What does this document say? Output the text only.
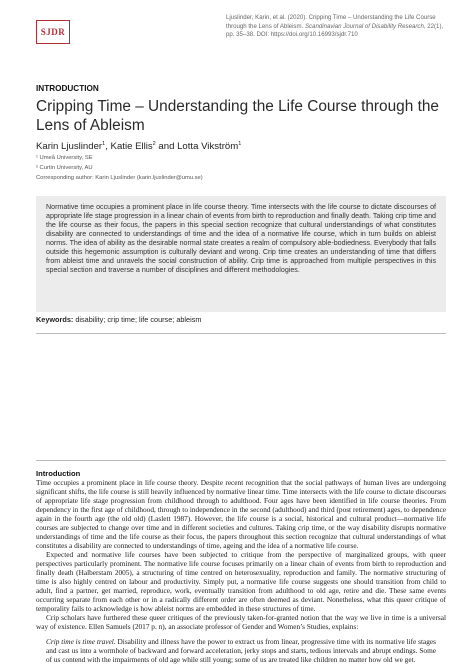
SJDR
Ljuslinder, Karin, et al. (2020). Cripping Time – Understanding the Life Course through the Lens of Ableism. Scandinavian Journal of Disability Research, 22(1), pp. 35–38. DOI: https://doi.org/10.16993/sjdr.710
INTRODUCTION
Cripping Time – Understanding the Life Course through the Lens of Ableism
Karin Ljuslinder$^1$, Katie Ellis$^2$ and Lotta Vikström$^1$
¹ Umeå University, SE
² Curtin University, AU
Corresponding author: Karin Ljuslinder (karin.ljuslinder@umu.se)

Normative time occupies a prominent place in life course theory. Time intersects with the life course to dictate discourses of appropriate life stage progression in a linear chain of events from birth to reproduction and finally death. Taking crip time and the life course as their focus, the papers in this special section recognize that cultural understandings of what constitutes disability are connected to understandings of time and the idea of a normative life course, which in turn builds on ableist norms. The idea of ability as the desirable normal state creates a realm of compulsory able-bodiedness. Everybody that falls outside this hegemonic assumption is culturally deviant and wrong. Crip time creates an understanding of time that differs from ableist time and unravels the social construction of ability. Crip time is approached from multiple perspectives in this special section and traverse a number of disciplines and different methodologies.

Keywords: disability; crip time; life course; ableism
Introduction

Time occupies a prominent place in life course theory. Despite recent recognition that the social pathways of human lives are undergoing significant shifts, the life course is still heavily influenced by normative linear time. Time intersects with the life course to dictate discourses of appropriate life stage progression from childhood through to adulthood. Four ages have been identified in life course theories. From dependency in the first age of childhood, through to independence in the second (adulthood) and third (post retirement) ages, to dependence again in the fourth age (the old old) (Laslett 1987). However, the life course is a social, historical and cultural product—normative life courses are subjected to change over time and in different societies and cultures. Taking crip time, or the way disability disrupts normative understandings of time and the life course as their focus, the papers throughout this section recognize that cultural understandings of what constitutes a disability are connected to understandings of time, ageing and the idea of a normative life course.

Expected and normative life courses have been subjected to critique from the perspective of marginalized groups, with queer perspectives particularly prominent. The normative life course focuses primarily on a linear chain of events from birth to reproduction and finally death (Halberstam 2005), a structuring of time centred on heterosexuality, reproduction and family. The normative structuring of time is also highly centred on labour and productivity. Simply put, a normative life course suggests one should transition from child to adult, find a partner, get married, reproduce, work, eventually transition from adulthood to old age, retire and die. These same events occurring separate from each other or in a radically different order are often deemed as deviant. Nonetheless, what this queer critique of temporality fails to acknowledge is how ableist norms are embedded in these structures of time.

Crip scholars have furthered these queer critiques of the previously taken-for-granted notion that the way we live in time is a universal way of existence. Ellen Samuels (2017 p. n), an associate professor of Gender and Women’s Studies, explains:

Crip time is time travel. Disability and illness have the power to extract us from linear, progressive time with its normative life stages and cast us into a wormhole of backward and forward acceleration, jerky stops and starts, tedious intervals and abrupt endings. Some of us contend with the impairments of old age while still young; some of us are treated like children no matter how old we get.
